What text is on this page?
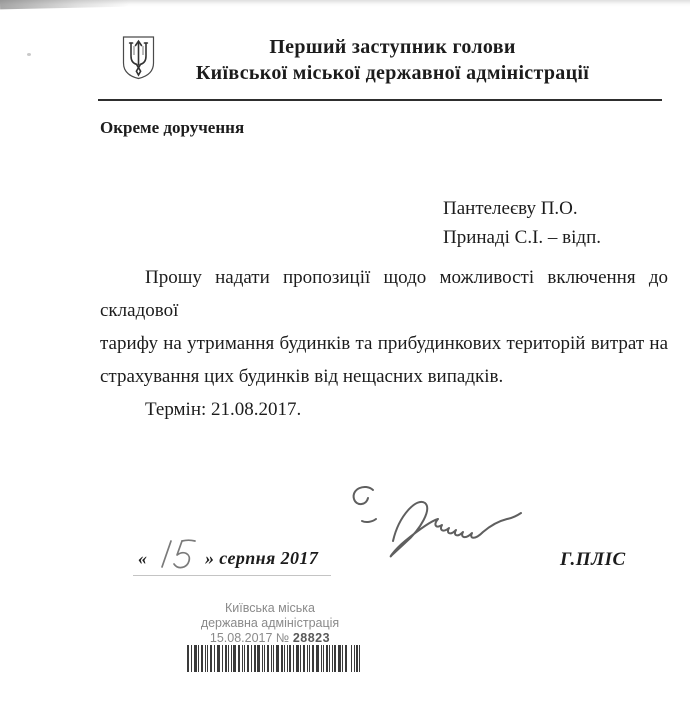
Перший заступник голови
Київської міської державної адміністрації
Окреме доручення
Пантелеєву П.О.
Принаді С.І. – відп.
Прошу надати пропозиції щодо можливості включення до складової
тарифу на утримання будинків та прибудинкових територій витрат на
страхування цих будинків від нещасних випадків.
Термін: 21.08.2017.
«	» серпня 2017	Г.ПЛІС
Київська міська
державна адміністрація
15.08.2017 № 28823
